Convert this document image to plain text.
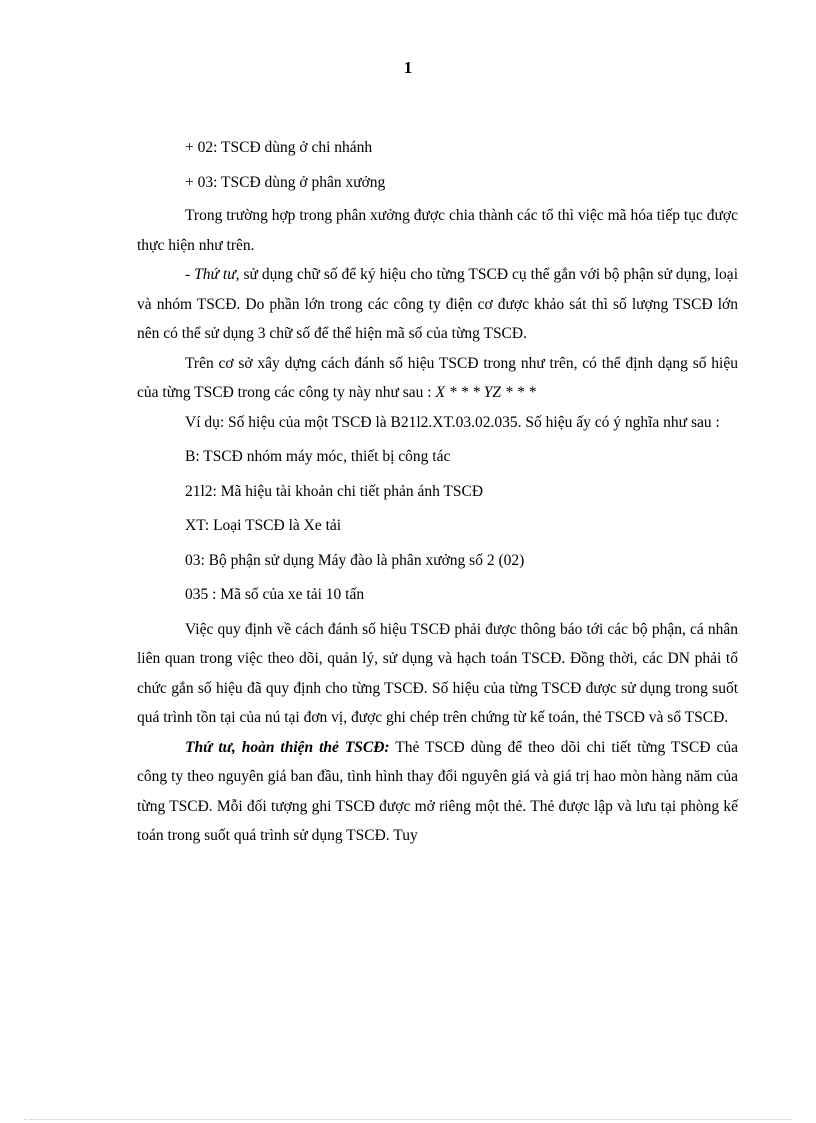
1

+ 02: TSCĐ dùng ở chi nhánh

+ 03: TSCĐ dùng ở phân xưởng

Trong trường hợp trong phân xưởng được chia thành các tổ thì việc mã hóa tiếp tục được thực hiện như trên.

- Thứ tư, sử dụng chữ số để ký hiệu cho từng TSCĐ cụ thể gắn với bộ phận sử dụng, loại và nhóm TSCĐ. Do phần lớn trong các công ty điện cơ được khảo sát thì số lượng TSCĐ lớn nên có thể sử dụng 3 chữ số để thể hiện mã số của từng TSCĐ.

Trên cơ sở xây dựng cách đánh số hiệu TSCĐ trong như trên, có thể định dạng số hiệu của từng TSCĐ trong các công ty này như sau : X * * * YZ * * *

Ví dụ: Số hiệu của một TSCĐ là B21l2.XT.03.02.035. Số hiệu ấy có ý nghĩa như sau :

B: TSCĐ nhóm máy móc, thiết bị công tác

21l2: Mã hiệu tài khoản chi tiết phản ánh TSCĐ

XT: Loại TSCĐ là Xe tải

03: Bộ phận sử dụng Máy đào là phân xưởng số 2 (02)

035 : Mã số của xe tải 10 tấn

Việc quy định về cách đánh số hiệu TSCĐ phải được thông báo tới các bộ phận, cá nhân liên quan trong việc theo dõi, quản lý, sử dụng và hạch toán TSCĐ. Đồng thời, các DN phải tổ chức gắn số hiệu đã quy định cho từng TSCĐ. Số hiệu của từng TSCĐ được sử dụng trong suốt quá trình tồn tại của nú tại đơn vị, được ghi chép trên chứng từ kế toán, thẻ TSCĐ và sổ TSCĐ.

Thứ tư, hoàn thiện thẻ TSCĐ: Thẻ TSCĐ dùng để theo dõi chi tiết từng TSCĐ của công ty theo nguyên giá ban đầu, tình hình thay đổi nguyên giá và giá trị hao mòn hàng năm của từng TSCĐ. Mỗi đối tượng ghi TSCĐ được mở riêng một thẻ. Thẻ được lập và lưu tại phòng kế toán trong suốt quá trình sử dụng TSCĐ. Tuy
